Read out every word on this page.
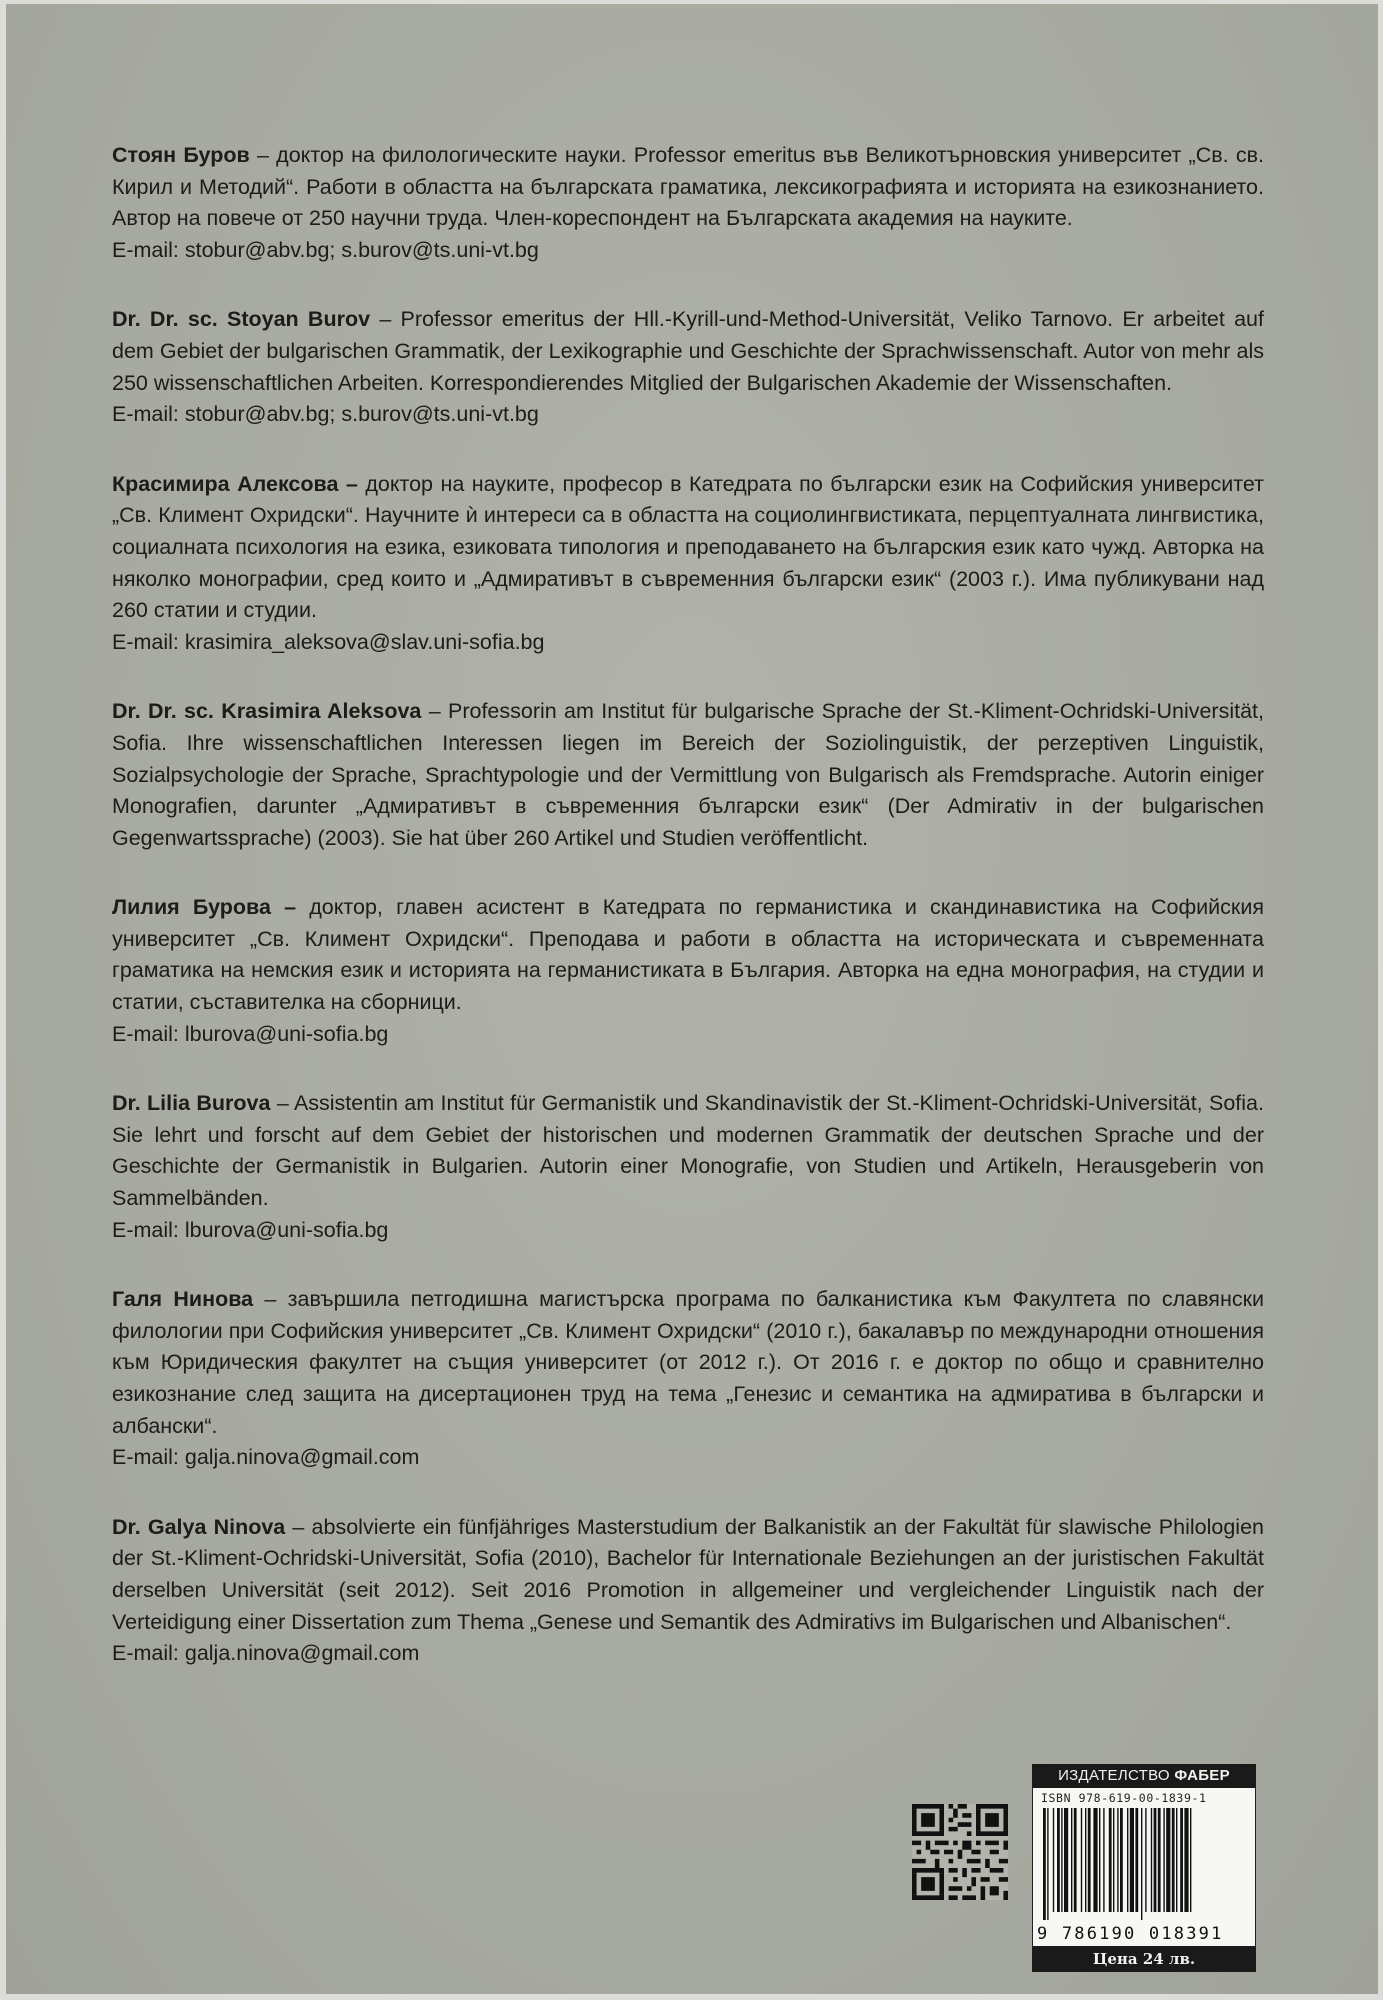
Стоян Буров – доктор на филологическите науки. Professor emeritus във Великотърновския университет „Св. св. Кирил и Методий“. Работи в областта на българската граматика, лексикографията и историята на езикознанието. Автор на повече от 250 научни труда. Член-кореспондент на Българската академия на науките.
E-mail: stobur@abv.bg; s.burov@ts.uni-vt.bg
Dr. Dr. sc. Stoyan Burov – Professor emeritus der Hll.-Kyrill-und-Method-Universität, Veliko Tarnovo. Er arbeitet auf dem Gebiet der bulgarischen Grammatik, der Lexikographie und Geschichte der Sprachwissenschaft. Autor von mehr als 250 wissenschaftlichen Arbeiten. Korrespondierendes Mitglied der Bulgarischen Akademie der Wissenschaften.
E-mail: stobur@abv.bg; s.burov@ts.uni-vt.bg
Красимира Алексова – доктор на науките, професор в Катедрата по български език на Софийския университет „Св. Климент Охридски“. Научните ѝ интереси са в областта на социолингвистиката, перцептуалната лингвистика, социалната психология на езика, езиковата типология и преподаването на българския език като чужд. Авторка на няколко монографии, сред които и „Адмиративът в съвременния български език“ (2003 г.). Има публикувани над 260 статии и студии.
E-mail: krasimira_aleksova@slav.uni-sofia.bg
Dr. Dr. sc. Krasimira Aleksova – Professorin am Institut für bulgarische Sprache der St.-Kliment-Ochridski-Universität, Sofia. Ihre wissenschaftlichen Interessen liegen im Bereich der Soziolinguistik, der perzeptiven Linguistik, Sozialpsychologie der Sprache, Sprachtypologie und der Vermittlung von Bulgarisch als Fremdsprache. Autorin einiger Monografien, darunter „Адмиративът в съвременния български език“ (Der Admirativ in der bulgarischen Gegenwartssprache) (2003). Sie hat über 260 Artikel und Studien veröffentlicht.
Лилия Бурова – доктор, главен асистент в Катедрата по германистика и скандинавистика на Софийския университет „Св. Климент Охридски“. Преподава и работи в областта на историческата и съвременната граматика на немския език и историята на германистиката в България. Авторка на една монография, на студии и статии, съставителка на сборници.
E-mail: lburova@uni-sofia.bg
Dr. Lilia Burova – Assistentin am Institut für Germanistik und Skandinavistik der St.-Kliment-Ochridski-Universität, Sofia. Sie lehrt und forscht auf dem Gebiet der historischen und modernen Grammatik der deutschen Sprache und der Geschichte der Germanistik in Bulgarien. Autorin einer Monografie, von Studien und Artikeln, Herausgeberin von Sammelbänden.
E-mail: lburova@uni-sofia.bg
Галя Нинова – завършила петгодишна магистърска програма по балканистика към Факултета по славянски филологии при Софийския университет „Св. Климент Охридски“ (2010 г.), бакалавър по международни отношения към Юридическия факултет на същия университет (от 2012 г.). От 2016 г. е доктор по общо и сравнително езикознание след защита на дисертационен труд на тема „Генезис и семантика на адмиратива в български и албански“.
E-mail: galja.ninova@gmail.com
Dr. Galya Ninova – absolvierte ein fünfjähriges Masterstudium der Balkanistik an der Fakultät für slawische Philologien der St.-Kliment-Ochridski-Universität, Sofia (2010), Bachelor für Internationale Beziehungen an der juristischen Fakultät derselben Universität (seit 2012). Seit 2016 Promotion in allgemeiner und vergleichender Linguistik nach der Verteidigung einer Dissertation zum Thema „Genese und Semantik des Admirativs im Bulgarischen und Albanischen“.
E-mail: galja.ninova@gmail.com
ИЗДАТЕЛСТВО ФАБЕР
ISBN 978-619-00-1839-1
9 786190 018391
Цена 24 лв.
